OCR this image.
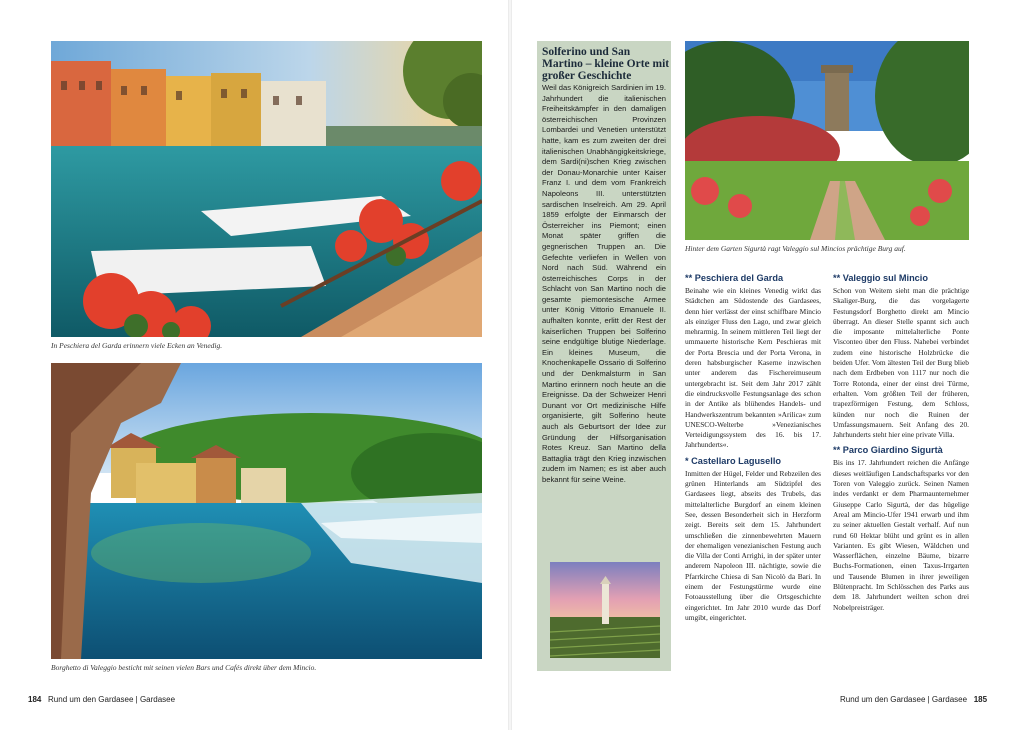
In Peschiera del Garda erinnern viele Ecken an Venedig.
Borghetto di Valeggio besticht mit seinen vielen Bars und Cafés direkt über dem Mincio.
184 Rund um den Gardasee | Gardasee
Solferino und San Martino – kleine Orte mit großer Geschichte
Weil das Königreich Sardinien im 19. Jahrhundert die italienischen Freiheitskämpfer in den damaligen österreichischen Provinzen Lombardei und Venetien unterstützt hatte, kam es zum zweiten der drei italienischen Unabhängigkeitskriege, dem Sardi(ni)schen Krieg zwischen der Donau-Monarchie unter Kaiser Franz I. und dem vom Frankreich Napoleons III. unterstützten sardischen Inselreich. Am 29. April 1859 erfolgte der Einmarsch der Österreicher ins Piemont; einen Monat später griffen die gegnerischen Truppen an. Die Gefechte verliefen in Wellen von Nord nach Süd. Während ein österreichisches Corps in der Schlacht von San Martino noch die gesamte piemontesische Armee unter König Vittorio Emanuele II. aufhalten konnte, erlitt der Rest der kaiserlichen Truppen bei Solferino seine endgültige blutige Niederlage. Ein kleines Museum, die Knochenkapelle Ossario di Solferino und der Denkmalsturm in San Martino erinnern noch heute an die Ereignisse. Da der Schweizer Henri Dunant vor Ort medizinische Hilfe organisierte, gilt Solferino heute auch als Geburtsort der Idee zur Gründung der Hilfsorganisation Rotes Kreuz. San Martino della Battaglia trägt den Krieg inzwischen zudem im Namen; es ist aber auch bekannt für seine Weine.
Hinter dem Garten Sigurtà ragt Valeggio sul Mincios prächtige Burg auf.
** Peschiera del Garda

Beinahe wie ein kleines Venedig wirkt das Städtchen am Südostende des Gardasees, denn hier verlässt der einst schiffbare Mincio als einziger Fluss den Lago, und zwar gleich mehrarmig. In seinem mittleren Teil liegt der ummauerte historische Kern Peschieras mit der Porta Brescia und der Porta Verona, in deren habsburgischer Kaserne inzwischen unter anderem das Fischereimuseum untergebracht ist. Seit dem Jahr 2017 zählt die eindrucksvolle Festungsanlage des schon in der Antike als blühendes Handels- und Handwerkszentrum bekannten »Arilica« zum UNESCO-Welterbe »Venezianisches Verteidigungssystem des 16. bis 17. Jahrhunderts«.

* Castellaro Lagusello

Inmitten der Hügel, Felder und Rebzeilen des grünen Hinterlands am Südzipfel des Gardasees liegt, abseits des Trubels, das mittelalterliche Burgdorf an einem kleinen See, dessen Besonderheit sich in Herzform zeigt. Bereits seit dem 15. Jahrhundert umschließen die zinnenbewehrten Mauern der ehemaligen venezianischen Festung auch die Villa der Conti Arrighi, in der später unter anderem Napoleon III. nächtigte, sowie die Pfarrkirche Chiesa di San Nicolò da Bari. In einem der Festungstürme wurde eine Fotoausstellung über die Ortsgeschichte eingerichtet. Im Jahr 2010 wurde das Dorf umgibt, eingerichtet.

** Valeggio sul Mincio

Schon von Weitem sieht man die prächtige Skaliger-Burg, die das vorgelagerte Festungsdorf Borghetto direkt am Mincio überragt. An dieser Stelle spannt sich auch die imposante mittelalterliche Ponte Visconteo über den Fluss. Nahebei verbindet zudem eine historische Holzbrücke die beiden Ufer. Vom ältesten Teil der Burg blieb nach dem Erdbeben von 1117 nur noch die Torre Rotonda, einer der einst drei Türme, erhalten. Vom größten Teil der früheren, trapezförmigen Festung, dem Schloss, künden nur noch die Ruinen der Umfassungsmauern. Seit Anfang des 20. Jahrhunderts steht hier eine private Villa.

** Parco Giardino Sigurtà

Bis ins 17. Jahrhundert reichen die Anfänge dieses weitläufigen Landschaftsparks vor den Toren von Valeggio zurück. Seinen Namen indes verdankt er dem Pharmaunternehmer Giuseppe Carlo Sigurtà, der das hügelige Areal am Mincio-Ufer 1941 erwarb und ihm zu seiner aktuellen Gestalt verhalf. Auf nun rund 60 Hektar blüht und grünt es in allen Varianten. Es gibt Wiesen, Wäldchen und Wasserflächen, einzelne Bäume, bizarre Buchs-Formationen, einen Taxus-Irrgarten und Tausende Blumen in ihrer jeweiligen Blütenpracht. Im Schlösschen des Parks aus dem 18. Jahrhundert weilten schon drei Nobelpreisträger.

Rund um den Gardasee | Gardasee 185
